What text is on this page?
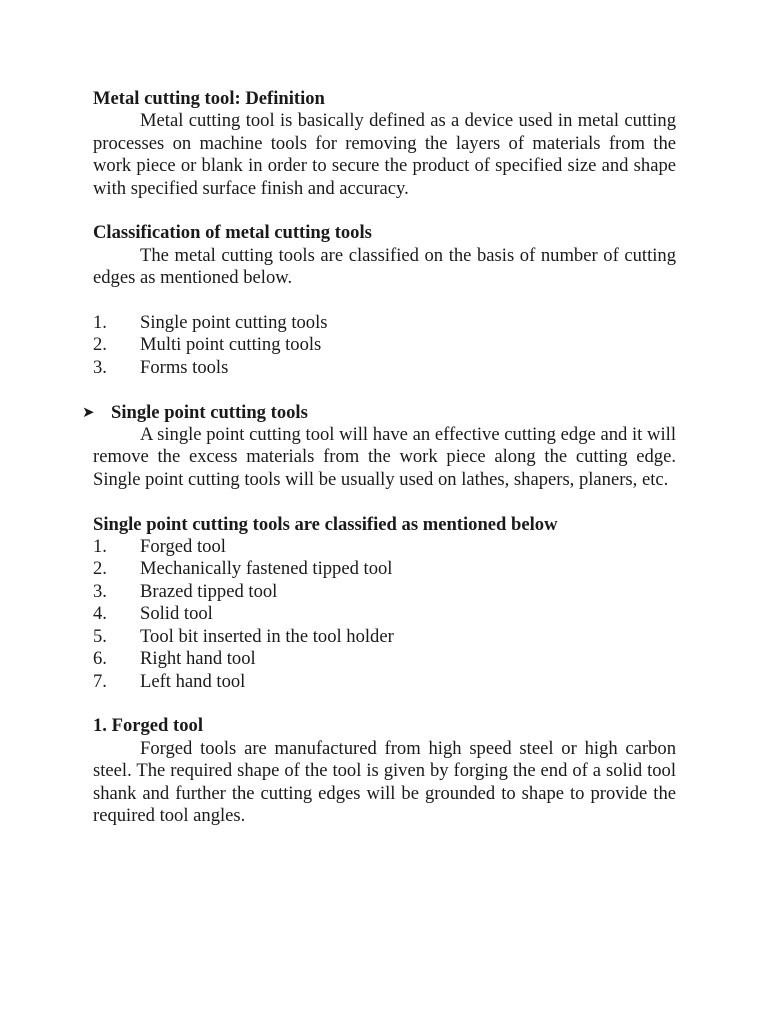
Metal cutting tool: Definition

Metal cutting tool is basically defined as a device used in metal cutting processes on machine tools for removing the layers of materials from the work piece or blank in order to secure the product of specified size and shape with specified surface finish and accuracy.

Classification of metal cutting tools

The metal cutting tools are classified on the basis of number of cutting edges as mentioned below.

1.	Single point cutting tools
2.	Multi point cutting tools
3.	Forms tools

➤ Single point cutting tools

A single point cutting tool will have an effective cutting edge and it will remove the excess materials from the work piece along the cutting edge. Single point cutting tools will be usually used on lathes, shapers, planers, etc.

Single point cutting tools are classified as mentioned below

1.	Forged tool
2.	Mechanically fastened tipped tool
3.	Brazed tipped tool
4.	Solid tool
5.	Tool bit inserted in the tool holder
6.	Right hand tool
7.	Left hand tool

1. Forged tool

Forged tools are manufactured from high speed steel or high carbon steel. The required shape of the tool is given by forging the end of a solid tool shank and further the cutting edges will be grounded to shape to provide the required tool angles.
